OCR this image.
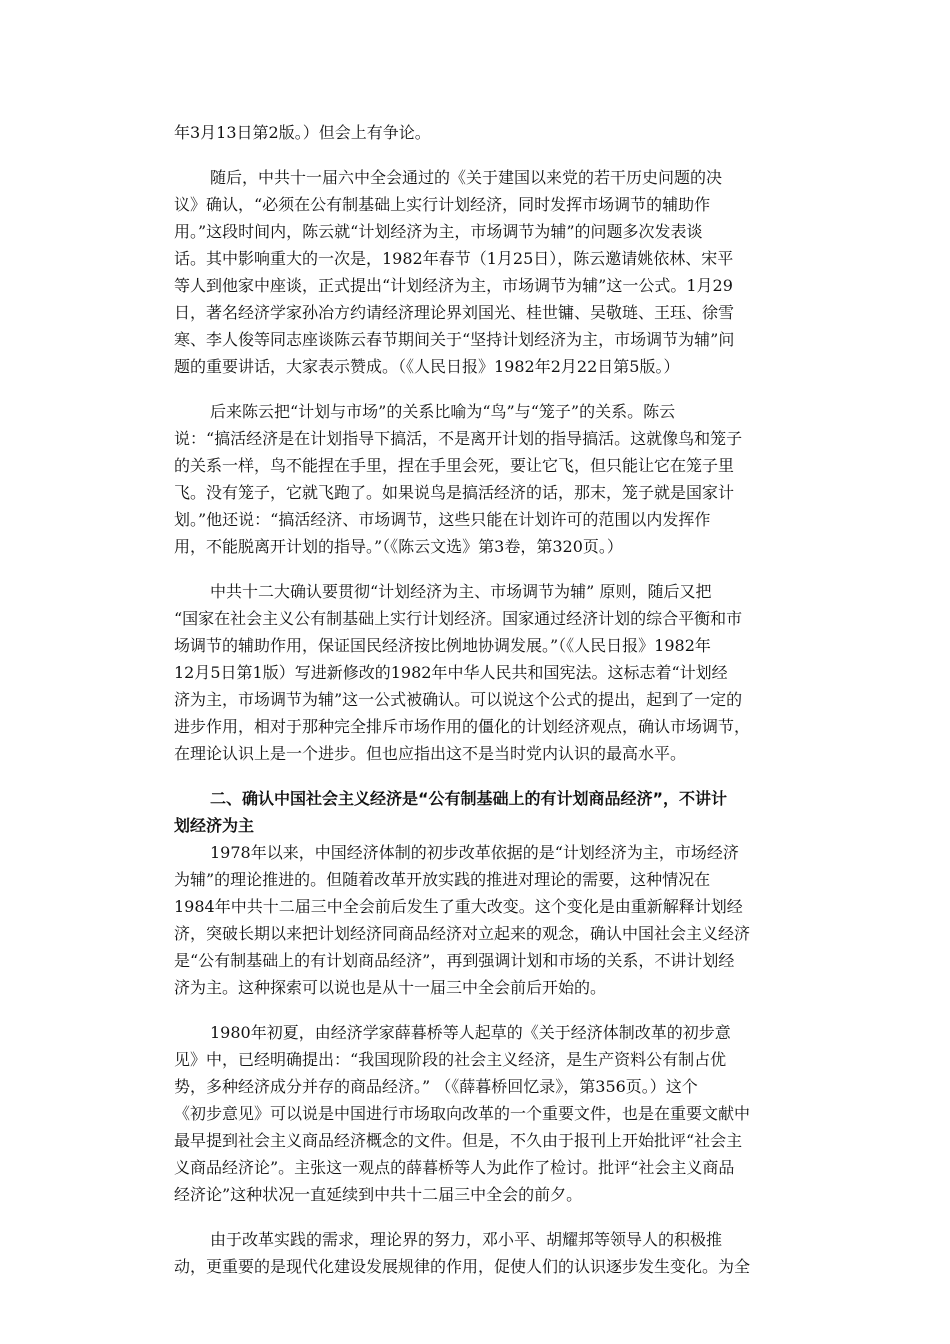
年3月13日第2版。）但会上有争论。
随后，中共十一届六中全会通过的《关于建国以来党的若干历史问题的决
议》确认，“必须在公有制基础上实行计划经济，同时发挥市场调节的辅助作
用。”这段时间内，陈云就“计划经济为主，市场调节为辅”的问题多次发表谈
话。其中影响重大的一次是，1982年春节（1月25日），陈云邀请姚依林、宋平
等人到他家中座谈，正式提出“计划经济为主，市场调节为辅”这一公式。1月29
日，著名经济学家孙冶方约请经济理论界刘国光、桂世镛、吴敬琏、王珏、徐雪
寒、李人俊等同志座谈陈云春节期间关于“坚持计划经济为主，市场调节为辅”问
题的重要讲话，大家表示赞成。（《人民日报》1982年2月22日第5版。）
后来陈云把“计划与市场”的关系比喻为“鸟”与“笼子”的关系。陈云
说：“搞活经济是在计划指导下搞活，不是离开计划的指导搞活。这就像鸟和笼子
的关系一样，鸟不能捏在手里，捏在手里会死，要让它飞，但只能让它在笼子里
飞。没有笼子，它就飞跑了。如果说鸟是搞活经济的话，那末，笼子就是国家计
划。”他还说：“搞活经济、市场调节，这些只能在计划许可的范围以内发挥作
用，不能脱离开计划的指导。”（《陈云文选》第3卷，第320页。）
中共十二大确认要贯彻“计划经济为主、市场调节为辅” 原则，随后又把
“国家在社会主义公有制基础上实行计划经济。国家通过经济计划的综合平衡和市
场调节的辅助作用，保证国民经济按比例地协调发展。”（《人民日报》1982年
12月5日第1版）写进新修改的1982年中华人民共和国宪法。这标志着“计划经
济为主，市场调节为辅”这一公式被确认。可以说这个公式的提出，起到了一定的
进步作用，相对于那种完全排斥市场作用的僵化的计划经济观点，确认市场调节，
在理论认识上是一个进步。但也应指出这不是当时党内认识的最高水平。
二、确认中国社会主义经济是“公有制基础上的有计划商品经济”，不讲计
划经济为主
1978年以来，中国经济体制的初步改革依据的是“计划经济为主，市场经济
为辅”的理论推进的。但随着改革开放实践的推进对理论的需要，这种情况在
1984年中共十二届三中全会前后发生了重大改变。这个变化是由重新解释计划经
济，突破长期以来把计划经济同商品经济对立起来的观念，确认中国社会主义经济
是“公有制基础上的有计划商品经济”，再到强调计划和市场的关系，不讲计划经
济为主。这种探索可以说也是从十一届三中全会前后开始的。
1980年初夏，由经济学家薛暮桥等人起草的《关于经济体制改革的初步意
见》中，已经明确提出：“我国现阶段的社会主义经济，是生产资料公有制占优
势，多种经济成分并存的商品经济。” （《薛暮桥回忆录》，第356页。）这个
《初步意见》可以说是中国进行市场取向改革的一个重要文件，也是在重要文献中
最早提到社会主义商品经济概念的文件。但是，不久由于报刊上开始批评“社会主
义商品经济论”。主张这一观点的薛暮桥等人为此作了检讨。批评“社会主义商品
经济论”这种状况一直延续到中共十二届三中全会的前夕。
由于改革实践的需求，理论界的努力，邓小平、胡耀邦等领导人的积极推
动，更重要的是现代化建设发展规律的作用，促使人们的认识逐步发生变化。为全
